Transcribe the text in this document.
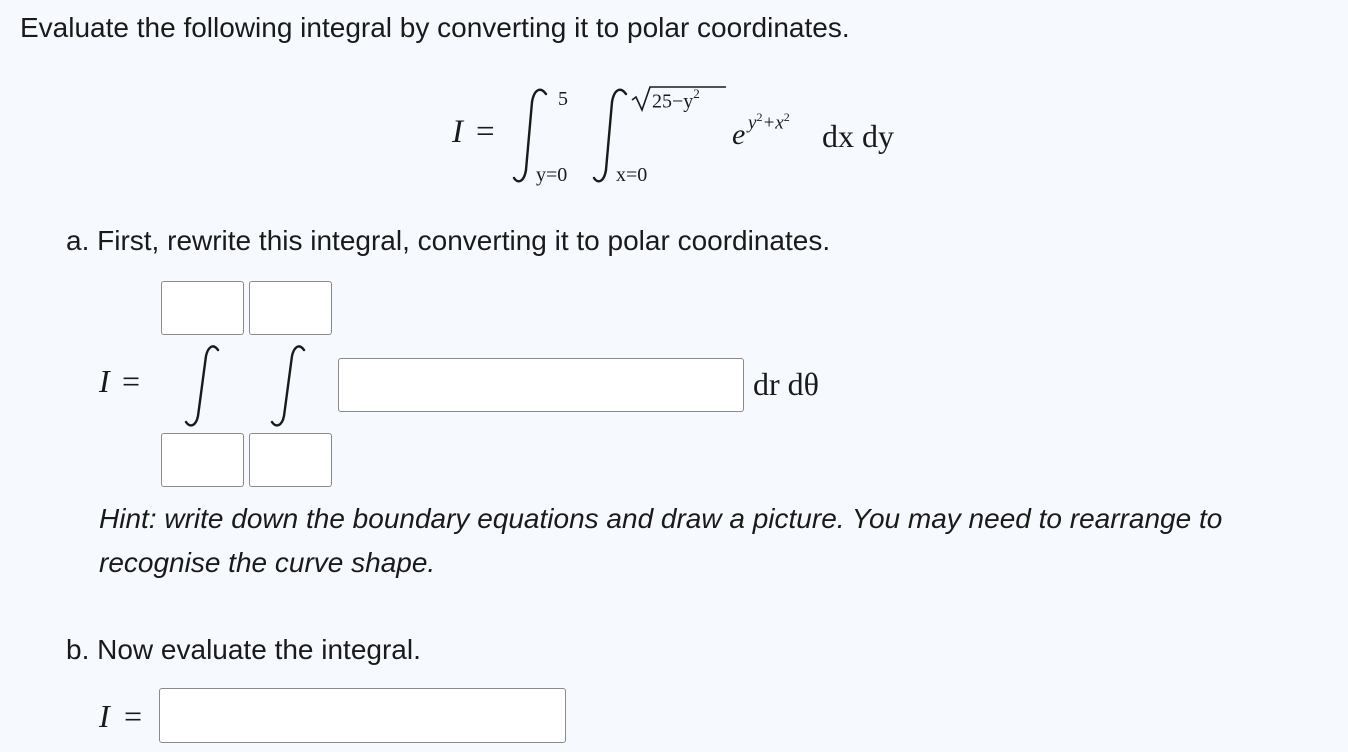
Evaluate the following integral by converting it to polar coordinates.
I =
5
y=0
$25-y^2$
x=0
e $y^2+x^2$
dx dy
a. First, rewrite this integral, converting it to polar coordinates.
I =	dr dθ
Hint: write down the boundary equations and draw a picture. You may need to rearrange to recognise the curve shape.
b. Now evaluate the integral.
I =
